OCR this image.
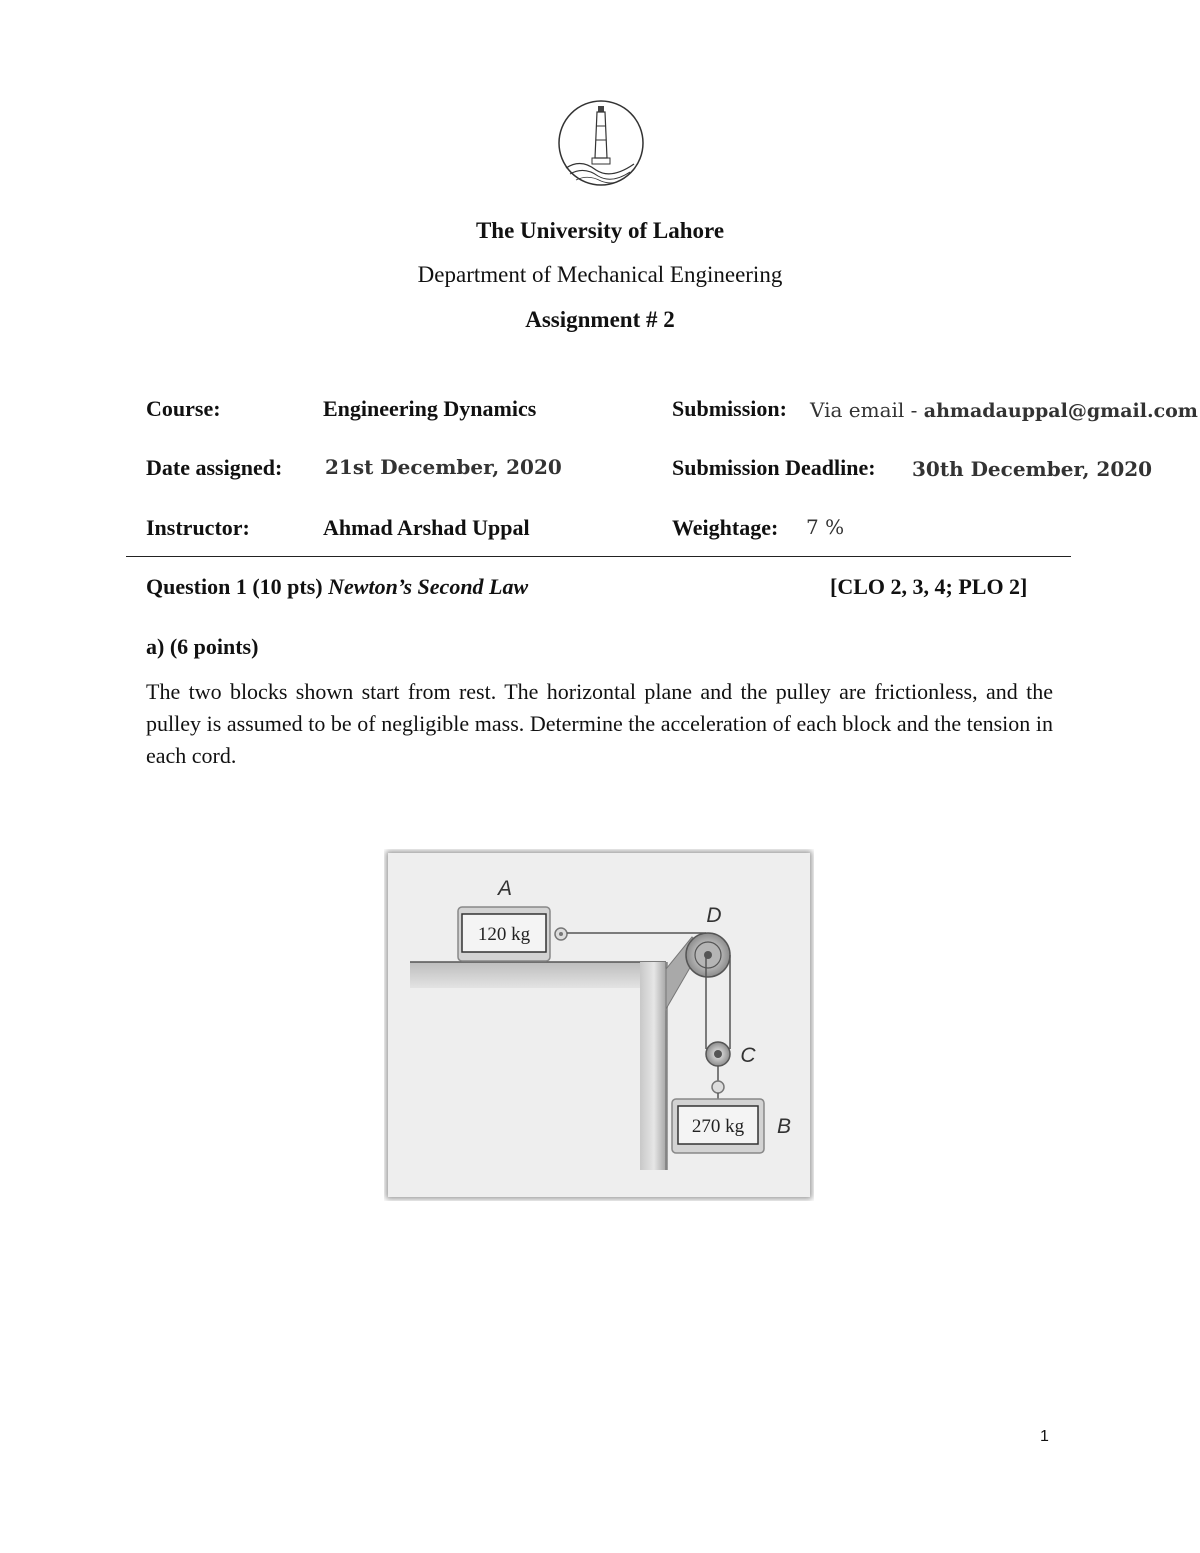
The University of Lahore
Department of Mechanical Engineering
Assignment # 2
Course:	Engineering Dynamics
Date assigned: 21st December, 2020
Instructor:	Ahmad Arshad Uppal
Submission: Via email - ahmadauppal@gmail.com
Submission Deadline: 30th December, 2020
Weightage: 7 %
Question 1 (10 pts) Newton’s Second Law	[CLO 2, 3, 4; PLO 2]
a) (6 points)
The two blocks shown start from rest. The horizontal plane and the pulley are frictionless, and the pulley is assumed to be of negligible mass. Determine the acceleration of each block and the tension in each cord.
120 kg
A
D
C
270 kg B
1
